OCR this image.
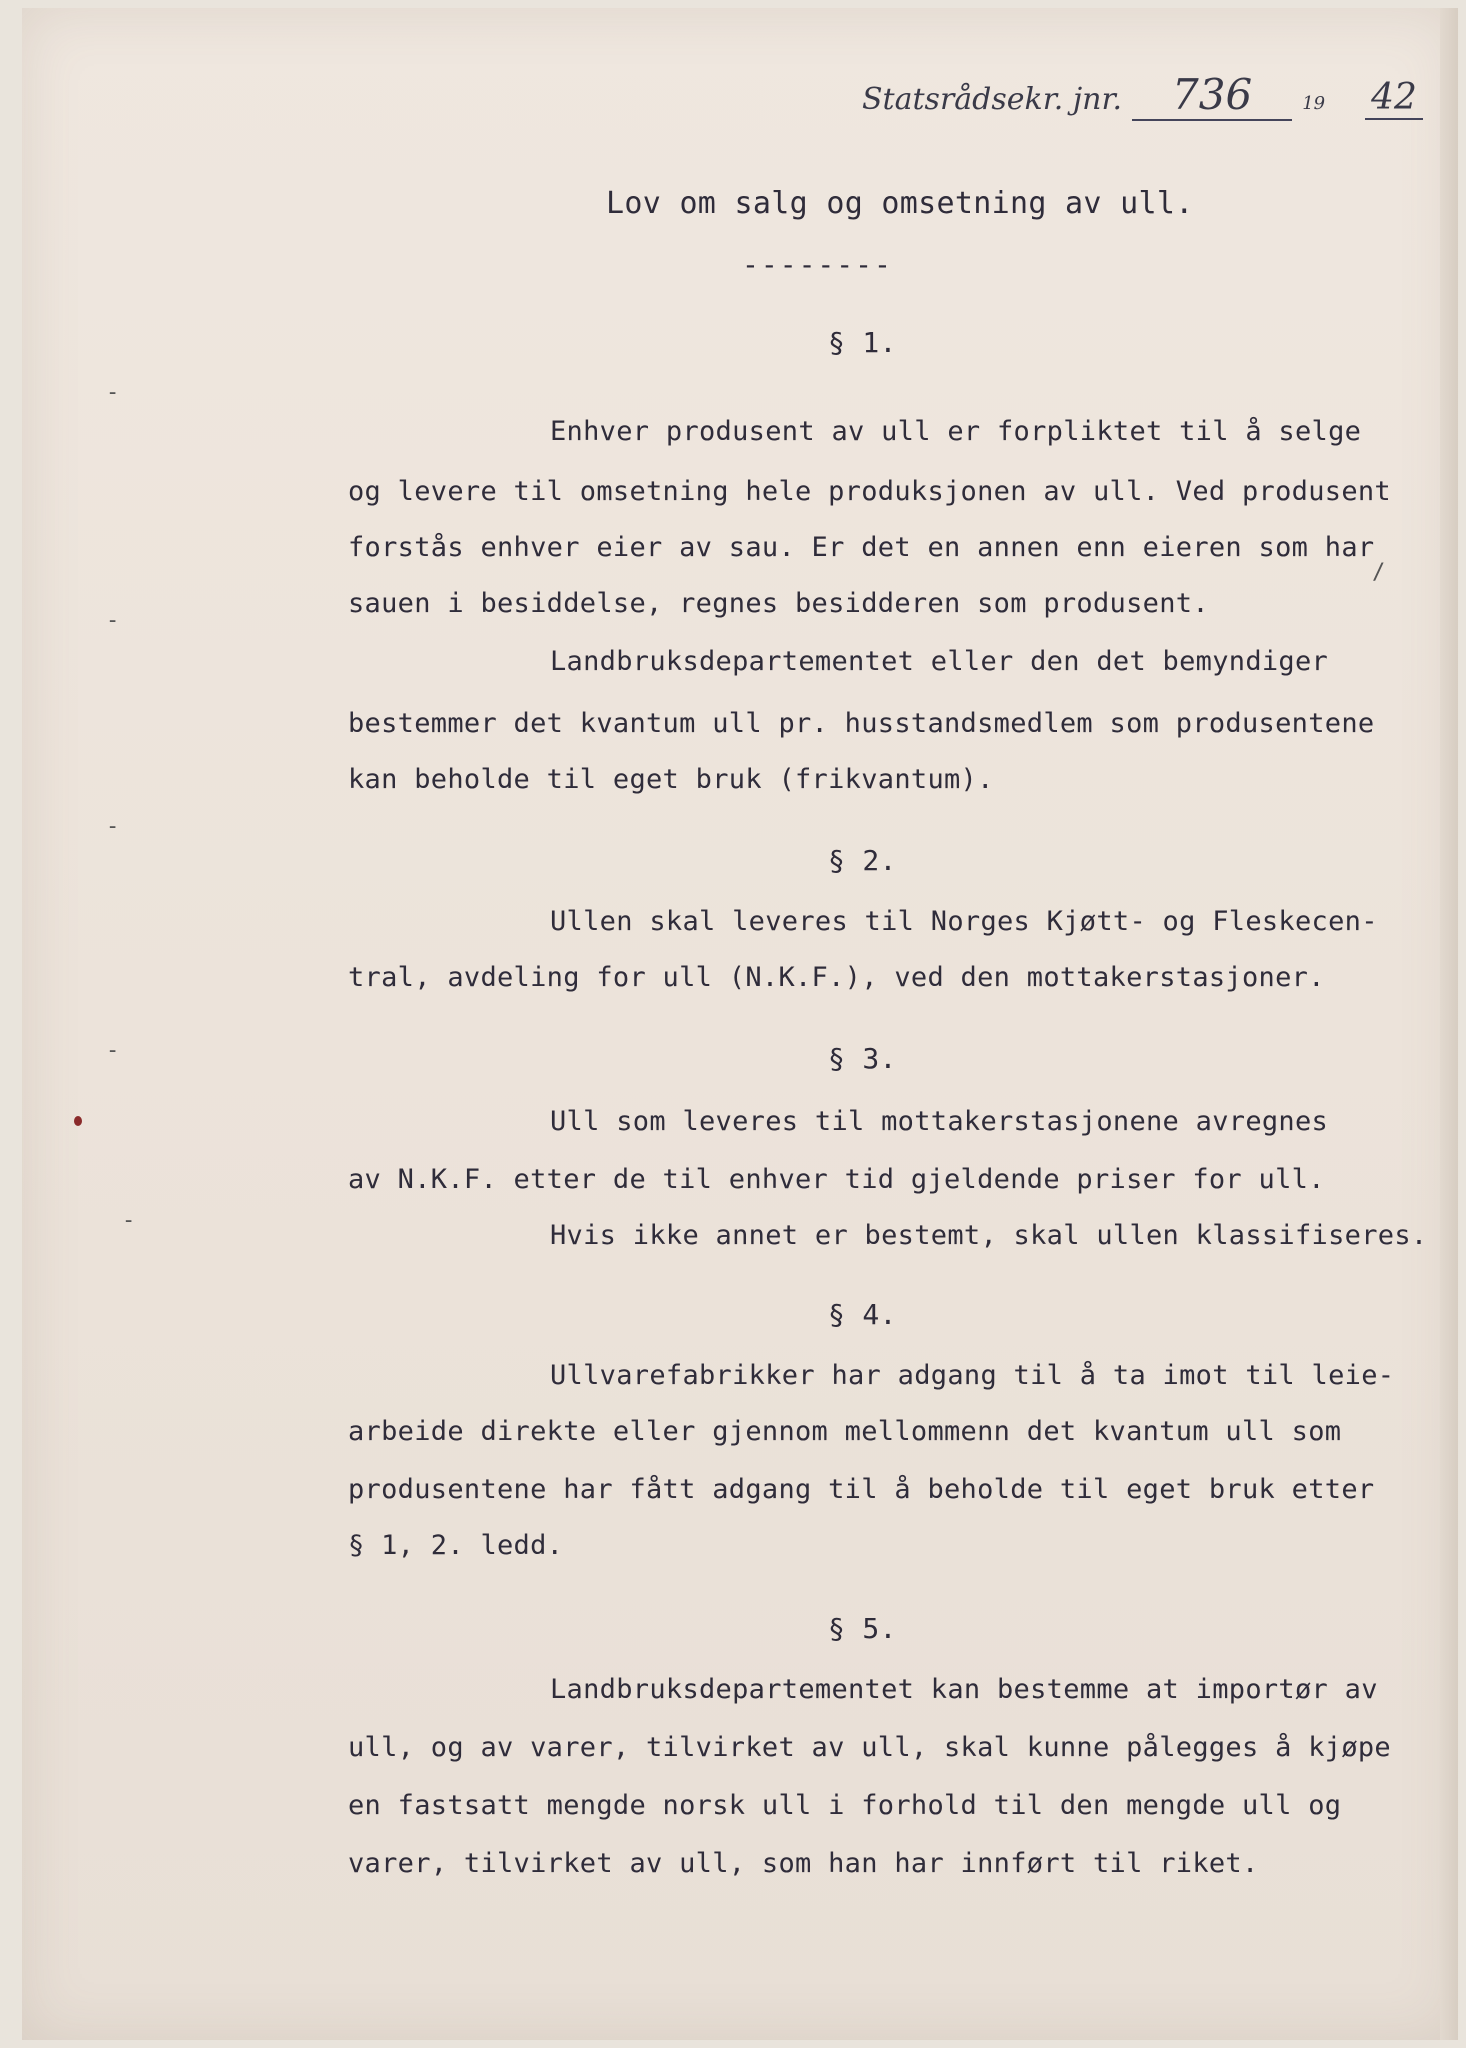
Statsrådsekr. jnr.	736	19 42
Lov om salg og omsetning av ull.
--------
§ 1.
Enhver produsent av ull er forpliktet til å selge
og levere til omsetning hele produksjonen av ull. Ved produsent
forstås enhver eier av sau. Er det en annen enn eieren som har
sauen i besiddelse, regnes besidderen som produsent.
Landbruksdepartementet eller den det bemyndiger
bestemmer det kvantum ull pr. husstandsmedlem som produsentene
kan beholde til eget bruk (frikvantum).
§ 2.
Ullen skal leveres til Norges Kjøtt- og Fleskecen-
tral, avdeling for ull (N.K.F.), ved den mottakerstasjoner.
§ 3.
Ull som leveres til mottakerstasjonene avregnes
av N.K.F. etter de til enhver tid gjeldende priser for ull.
Hvis ikke annet er bestemt, skal ullen klassifiseres.
§ 4.
Ullvarefabrikker har adgang til å ta imot til leie-
arbeide direkte eller gjennom mellommenn det kvantum ull som
produsentene har fått adgang til å beholde til eget bruk etter
§ 1, 2. ledd.
§ 5.
Landbruksdepartementet kan bestemme at importør av
ull, og av varer, tilvirket av ull, skal kunne pålegges å kjøpe
en fastsatt mengde norsk ull i forhold til den mengde ull og
varer, tilvirket av ull, som han har innført til riket.
-
-
-
-
-
/
